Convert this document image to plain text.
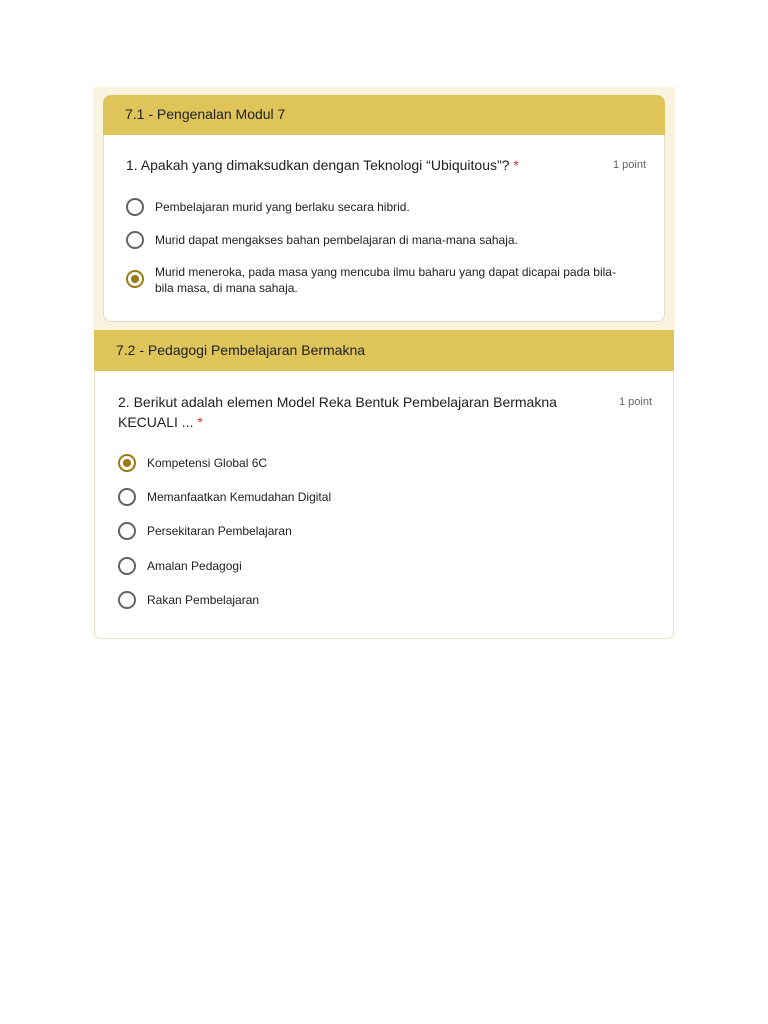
7.1 - Pengenalan Modul 7
1. Apakah yang dimaksudkan dengan Teknologi “Ubiquitous”? *	1 point
Pembelajaran murid yang berlaku secara hibrid.
Murid dapat mengakses bahan pembelajaran di mana-mana sahaja.
Murid meneroka, pada masa yang mencuba ilmu baharu yang dapat dicapai pada bila-
bila masa, di mana sahaja.
7.2 - Pedagogi Pembelajaran Bermakna
2. Berikut adalah elemen Model Reka Bentuk Pembelajaran Bermakna
KECUALI ... *
1 point
Kompetensi Global 6C
Memanfaatkan Kemudahan Digital
Persekitaran Pembelajaran
Amalan Pedagogi
Rakan Pembelajaran
